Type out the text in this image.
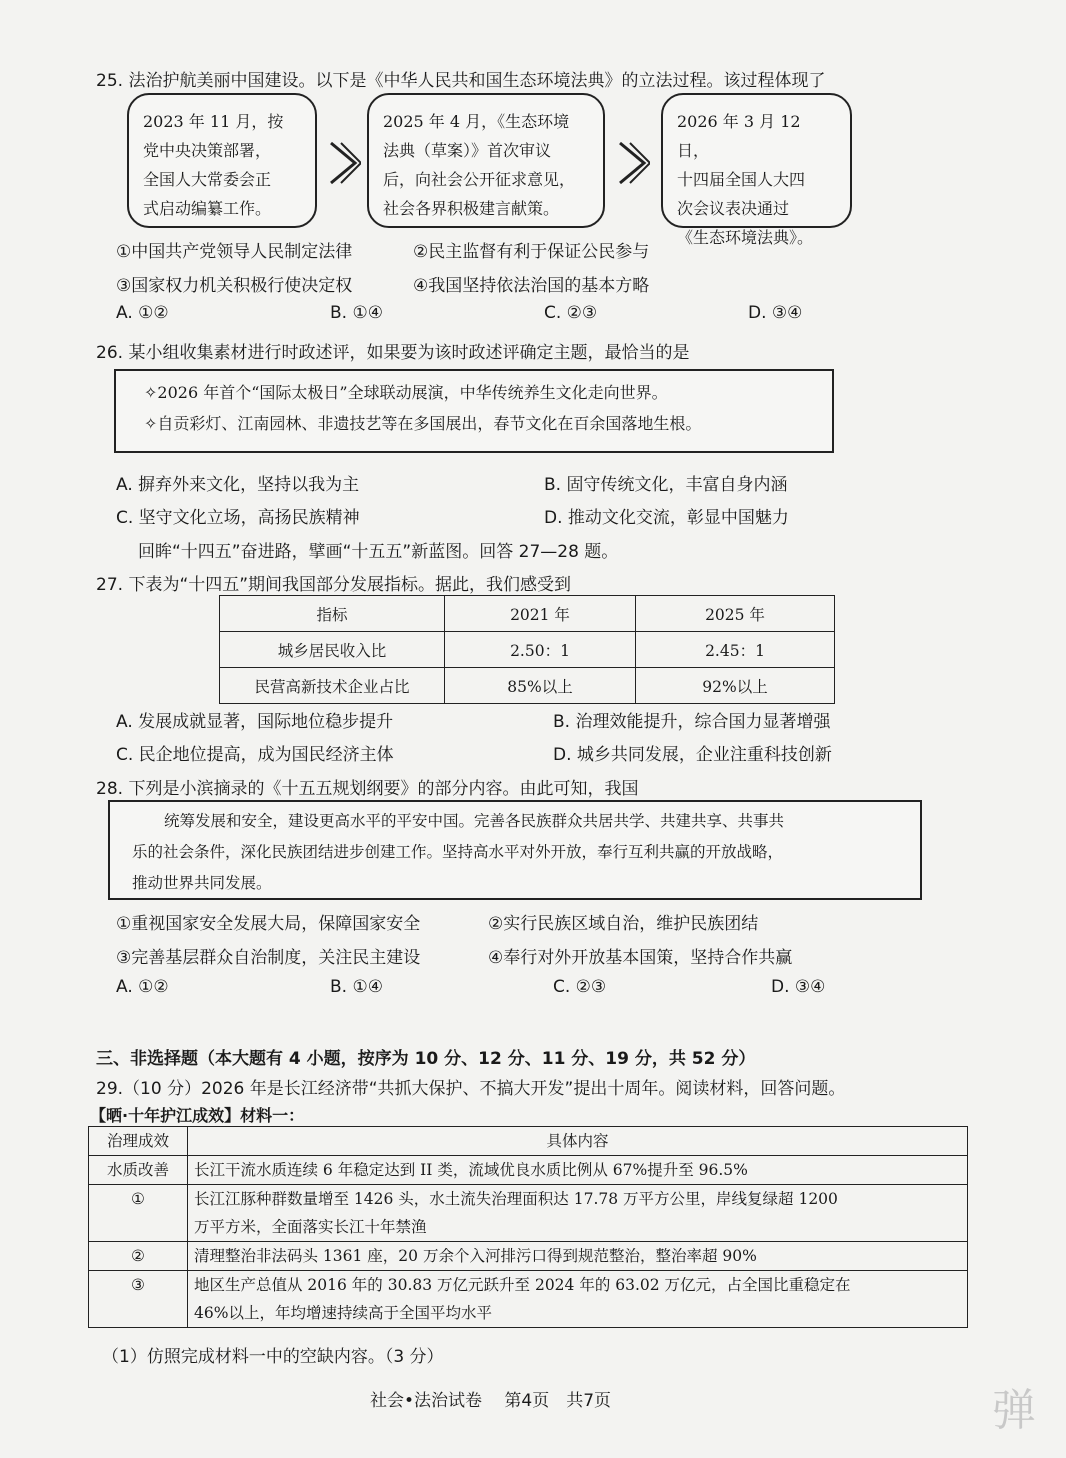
25. 法治护航美丽中国建设。以下是《中华人民共和国生态环境法典》的立法过程。该过程体现了
2023 年 11 月，按
党中央决策部署，
全国人大常委会正
式启动编纂工作。
2025 年 4 月，《生态环境
法典（草案）》首次审议
后，向社会公开征求意见，
社会各界积极建言献策。
2026 年 3 月 12 日，
十四届全国人大四
次会议表决通过
《生态环境法典》。
①中国共产党领导人民制定法律	②民主监督有利于保证公民参与
③国家权力机关积极行使决定权	④我国坚持依法治国的基本方略
A. ①②	B. ①④	C. ②③	D. ③④
26. 某小组收集素材进行时政述评，如果要为该时政述评确定主题，最恰当的是
✧2026 年首个“国际太极日”全球联动展演，中华传统养生文化走向世界。
✧自贡彩灯、江南园林、非遗技艺等在多国展出，春节文化在百余国落地生根。
A. 摒弃外来文化，坚持以我为主	B. 固守传统文化，丰富自身内涵
C. 坚守文化立场，高扬民族精神	D. 推动文化交流，彰显中国魅力
回眸“十四五”奋进路，擘画“十五五”新蓝图。回答 27—28 题。
27. 下表为“十四五”期间我国部分发展指标。据此，我们感受到
指标	2021 年	2025 年
城乡居民收入比	2.50：1	2.45：1
民营高新技术企业占比	85%以上	92%以上
A. 发展成就显著，国际地位稳步提升	B. 治理效能提升，综合国力显著增强
C. 民企地位提高，成为国民经济主体	D. 城乡共同发展，企业注重科技创新
28. 下列是小滨摘录的《十五五规划纲要》的部分内容。由此可知，我国
统筹发展和安全，建设更高水平的平安中国。完善各民族群众共居共学、共建共享、共事共
乐的社会条件，深化民族团结进步创建工作。坚持高水平对外开放，奉行互利共赢的开放战略，
推动世界共同发展。
①重视国家安全发展大局，保障国家安全	②实行民族区域自治，维护民族团结
③完善基层群众自治制度，关注民主建设	④奉行对外开放基本国策，坚持合作共赢
A. ①②	B. ①④	C. ②③	D. ③④
三、非选择题（本大题有 4 小题，按序为 10 分、12 分、11 分、19 分，共 52 分）
29.（10 分）2026 年是长江经济带“共抓大保护、不搞大开发”提出十周年。阅读材料，回答问题。
【晒·十年护江成效】材料一：
治理成效	具体内容
水质改善	长江干流水质连续 6 年稳定达到 II 类，流域优良水质比例从 67%提升至 96.5%

①	长江江豚种群数量增至 1426 头，水土流失治理面积达 17.78 万平方公里，岸线复绿超 1200
万平方米，全面落实长江十年禁渔

②	清理整治非法码头 1361 座，20 万余个入河排污口得到规范整治，整治率超 90%

③	地区生产总值从 2016 年的 30.83 万亿元跃升至 2024 年的 63.02 万亿元，占全国比重稳定在
46%以上，年均增速持续高于全国平均水平
（1）仿照完成材料一中的空缺内容。（3 分）
社会•法治试卷　 第4页　共7页	弹
